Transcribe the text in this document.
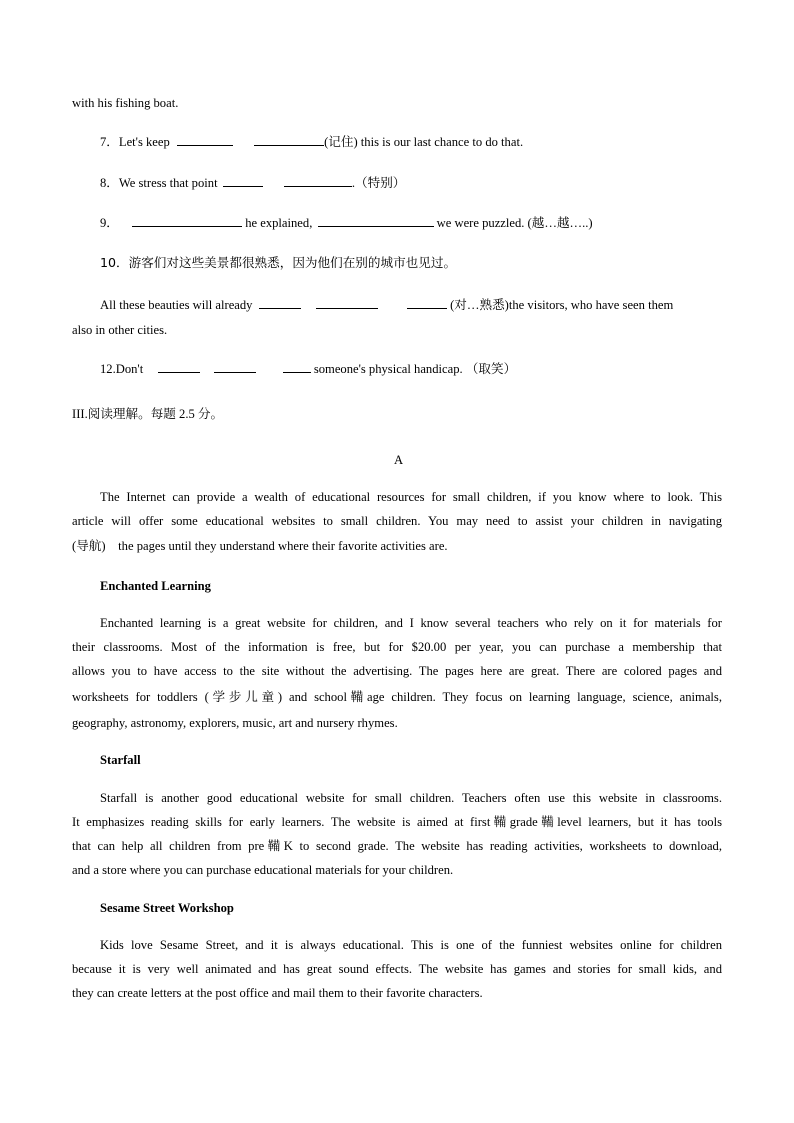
with his fishing boat.
7．Let's keep	(记住) this is our last chance to do that.
8．We stress that point	.（特别）
9．	he explained,	we were puzzled. (越…越…..)
10．游客们对这些美景都很熟悉，因为他们在别的城市也见过。
All these beauties will already	(对…熟悉)the visitors, who have seen them
also in other cities.
12.Don't	someone's physical handicap. （取笑）
III.阅读理解。每题 2.5 分。
A
The Internet can provide a wealth of educational resources for small children, if you know where to look. This
article will offer some educational websites to small children. You may need to assist your children in navigating
(导航)　the pages until they understand where their favorite activities are.
Enchanted Learning
Enchanted learning is a great website for children, and I know several teachers who rely on it for materials for
their classrooms. Most of the information is free, but for $20.00 per year, you can purchase a membership that
allows you to have access to the site without the advertising. The pages here are great. There are colored pages and
worksheets for toddlers (学步儿童) and school鞴age children. They focus on learning language, science, animals,
geography, astronomy, explorers, music, art and nursery rhymes.
Starfall
Starfall is another good educational website for small children. Teachers often use this website in classrooms.
It emphasizes reading skills for early learners. The website is aimed at first鞴grade鞴level learners, but it has tools
that can help all children from pre鞴K to second grade. The website has reading activities, worksheets to download,
and a store where you can purchase educational materials for your children.
Sesame Street Workshop
Kids love Sesame Street, and it is always educational. This is one of the funniest websites online for children
because it is very well animated and has great sound effects. The website has games and stories for small kids, and
they can create letters at the post office and mail them to their favorite characters.
